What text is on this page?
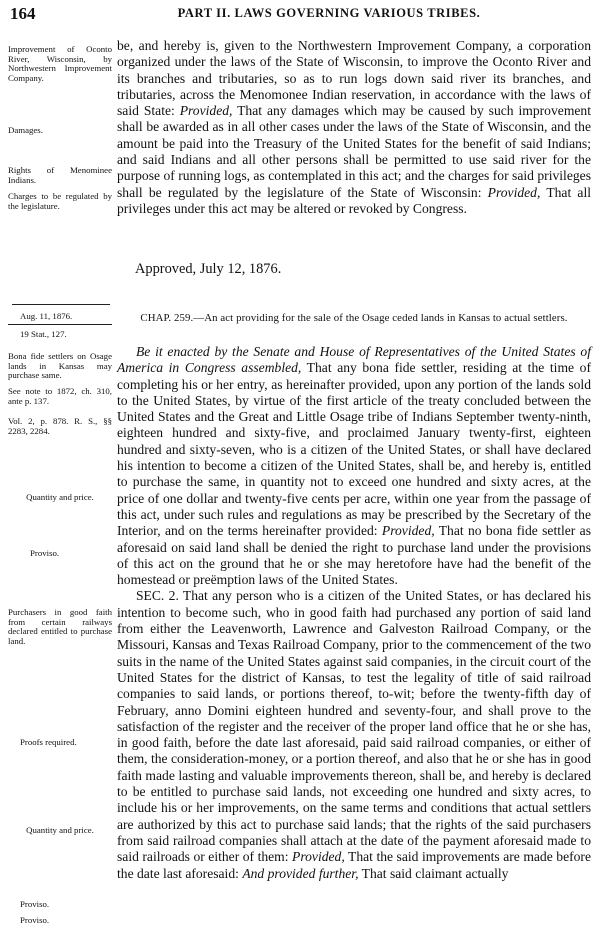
164	PART II. LAWS GOVERNING VARIOUS TRIBES.
Improvement of Oconto River, Wisconsin, by Northwestern Improvement Company.
Damages.
Rights of Menominee Indians.
Charges to be regulated by the legislature.

be, and hereby is, given to the Northwestern Improvement Company, a corporation organized under the laws of the State of Wisconsin, to improve the Oconto River and its branches and tributaries, so as to run logs down said river its branches, and tributaries, across the Menomonee Indian reservation, in accordance with the laws of said State: Provided, That any damages which may be caused by such improvement shall be awarded as in all other cases under the laws of the State of Wisconsin, and the amount be paid into the Treasury of the United States for the benefit of said Indians; and said Indians and all other persons shall be permitted to use said river for the purpose of running logs, as contemplated in this act; and the charges for said privileges shall be regulated by the legislature of the State of Wisconsin: Provided, That all privileges under this act may be altered or revoked by Congress.

Approved, July 12, 1876.
Aug. 11, 1876.
19 Stat., 127.
CHAP. 259.—An act providing for the sale of the Osage ceded lands in Kansas to actual settlers.
Bona fide settlers on Osage lands in Kansas may purchase same.
See note to 1872, ch. 310, ante p. 137.
Vol. 2, p. 878. R. S., §§ 2283, 2284.
Quantity and price.
Proviso.
Purchasers in good faith from certain railways declared entitled to purchase land.
Proofs required.
Quantity and price.
Proviso.
Proviso.

Be it enacted by the Senate and House of Representatives of the United States of America in Congress assembled, That any bona fide settler, residing at the time of completing his or her entry, as hereinafter provided, upon any portion of the lands sold to the United States, by virtue of the first article of the treaty concluded between the United States and the Great and Little Osage tribe of Indians September twenty-ninth, eighteen hundred and sixty-five, and proclaimed January twenty-first, eighteen hundred and sixty-seven, who is a citizen of the United States, or shall have declared his intention to become a citizen of the United States, shall be, and hereby is, entitled to purchase the same, in quantity not to exceed one hundred and sixty acres, at the price of one dollar and twenty-five cents per acre, within one year from the passage of this act, under such rules and regulations as may be prescribed by the Secretary of the Interior, and on the terms hereinafter provided: Provided, That no bona fide settler as aforesaid on said land shall be denied the right to purchase land under the provisions of this act on the ground that he or she may heretofore have had the benefit of the homestead or preëmption laws of the United States.

SEC. 2. That any person who is a citizen of the United States, or has declared his intention to become such, who in good faith had purchased any portion of said land from either the Leavenworth, Lawrence and Galveston Railroad Company, or the Missouri, Kansas and Texas Railroad Company, prior to the commencement of the two suits in the name of the United States against said companies, in the circuit court of the United States for the district of Kansas, to test the legality of title of said railroad companies to said lands, or portions thereof, to-wit; before the twenty-fifth day of February, anno Domini eighteen hundred and seventy-four, and shall prove to the satisfaction of the register and the receiver of the proper land office that he or she has, in good faith, before the date last aforesaid, paid said railroad companies, or either of them, the consideration-money, or a portion thereof, and also that he or she has in good faith made lasting and valuable improvements thereon, shall be, and hereby is declared to be entitled to purchase said lands, not exceeding one hundred and sixty acres, to include his or her improvements, on the same terms and conditions that actual settlers are authorized by this act to purchase said lands; that the rights of the said purchasers from said railroad companies shall attach at the date of the payment aforesaid made to said railroads or either of them: Provided, That the said improvements are made before the date last aforesaid: And provided further, That said claimant actually
